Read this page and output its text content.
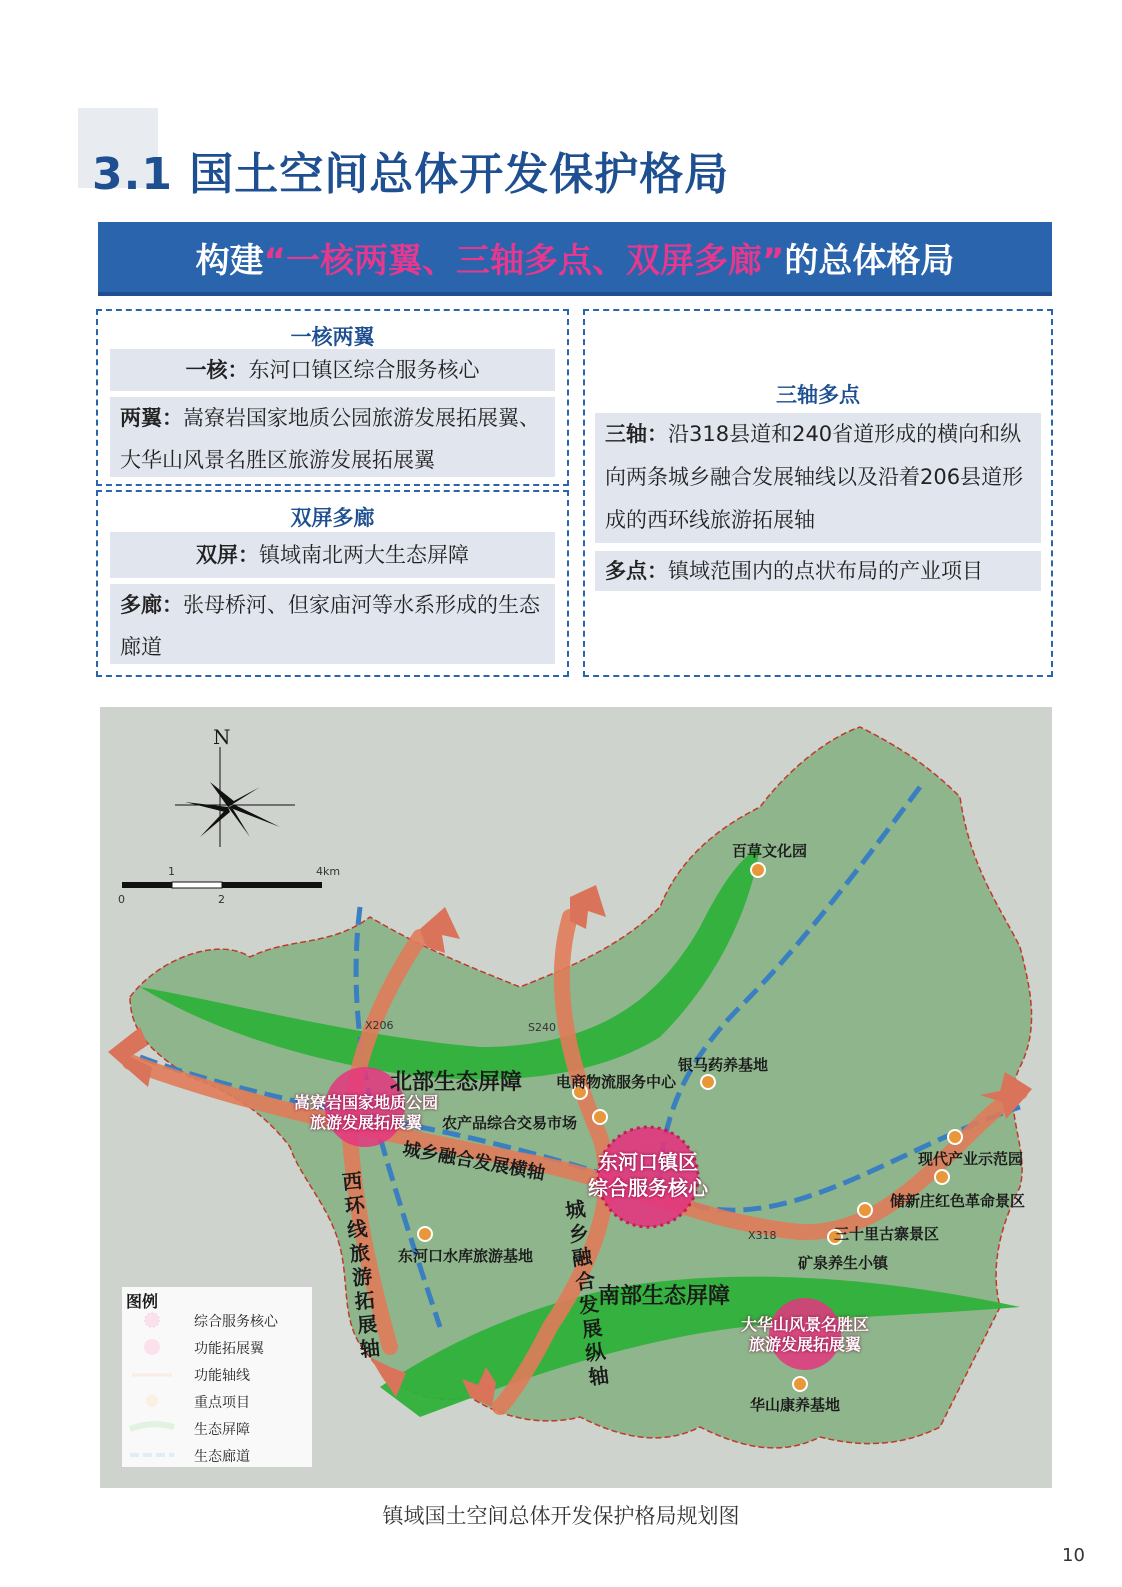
3.1 国土空间总体开发保护格局
构建 “一核两翼、三轴多点、双屏多廊” 的总体格局
一核两翼
一核：东河口镇区综合服务核心
两翼：嵩寮岩国家地质公园旅游发展拓展翼、大华山风景名胜区旅游发展拓展翼
双屏多廊
双屏：镇域南北两大生态屏障
多廊：张母桥河、但家庙河等水系形成的生态廊道
三轴多点
三轴：沿318县道和240省道形成的横向和纵向两条城乡融合发展轴线以及沿着206县道形成的西环线旅游拓展轴
多点：镇域范围内的点状布局的产业项目
N
0
1
2
4km
北部生态屏障
南部生态屏障
东河口镇区
综合服务核心
嵩寮岩国家地质公园
旅游发展拓展翼
大华山风景名胜区
旅游发展拓展翼
城乡融合发展横轴
城乡融合发展纵轴
西环线旅游拓展轴
X206	S240
X318
百草文化园
银马药养基地
电商物流服务中心
农产品综合交易市场
现代产业示范园
储新庄红色革命景区
三十里古寨景区
矿泉养生小镇
东河口水库旅游基地
华山康养基地
图例
综合服务核心
功能拓展翼
功能轴线
重点项目
生态屏障
生态廊道
镇域国土空间总体开发保护格局规划图
10
